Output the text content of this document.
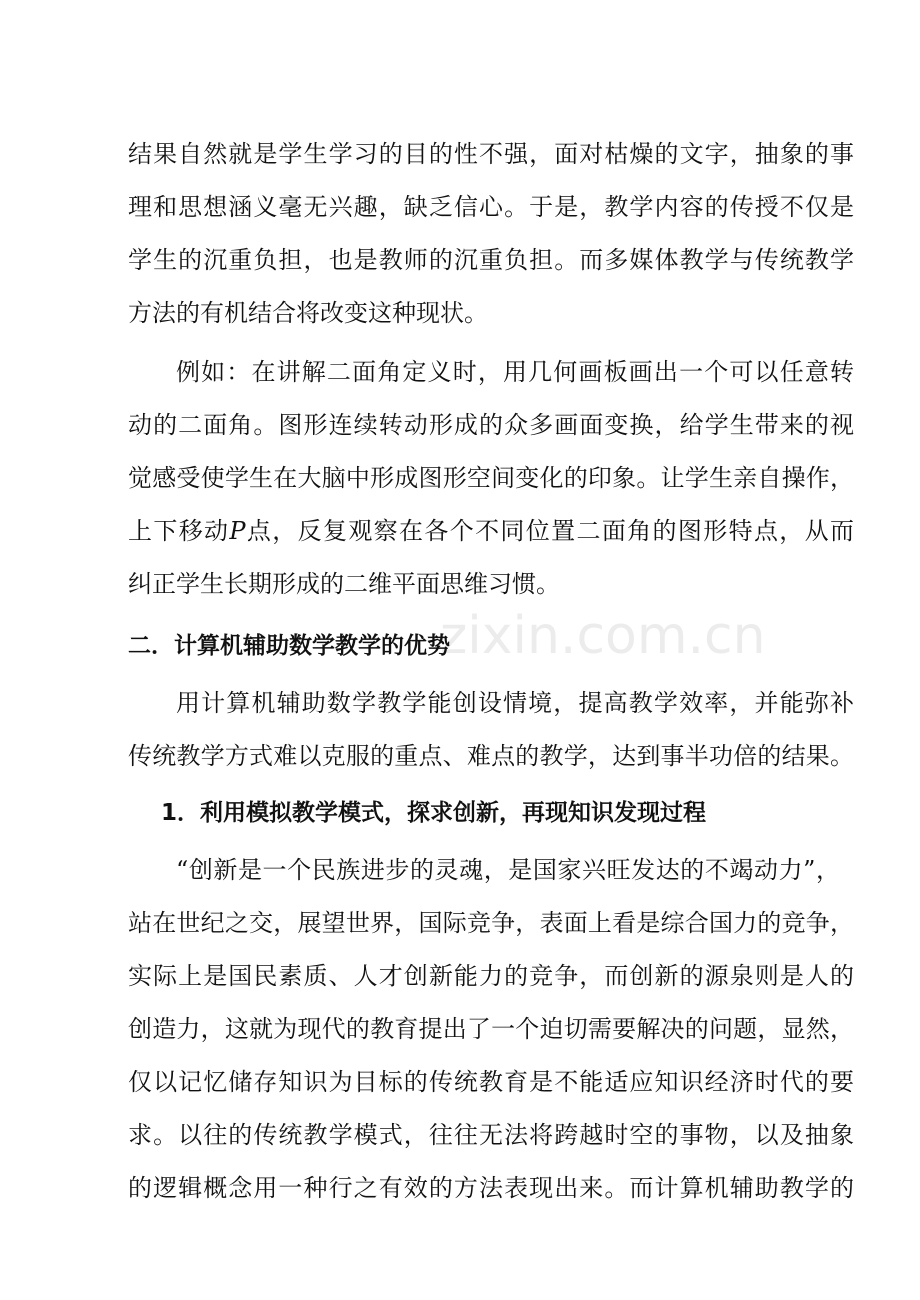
zixin.com.cn
结果自然就是学生学习的目的性不强，面对枯燥的文字，抽象的事
理和思想涵义毫无兴趣，缺乏信心。于是，教学内容的传授不仅是
学生的沉重负担，也是教师的沉重负担。而多媒体教学与传统教学
方法的有机结合将改变这种现状。
例如：在讲解二面角定义时，用几何画板画出一个可以任意转
动的二面角。图形连续转动形成的众多画面变换，给学生带来的视
觉感受使学生在大脑中形成图形空间变化的印象。让学生亲自操作，
上下移动P点，反复观察在各个不同位置二面角的图形特点，从而
纠正学生长期形成的二维平面思维习惯。
二．计算机辅助数学教学的优势
用计算机辅助数学教学能创设情境，提高教学效率，并能弥补
传统教学方式难以克服的重点、难点的教学，达到事半功倍的结果。
1．利用模拟教学模式，探求创新，再现知识发现过程
“创新是一个民族进步的灵魂，是国家兴旺发达的不竭动力”，
站在世纪之交，展望世界，国际竞争，表面上看是综合国力的竞争，
实际上是国民素质、人才创新能力的竞争，而创新的源泉则是人的
创造力，这就为现代的教育提出了一个迫切需要解决的问题，显然，
仅以记忆储存知识为目标的传统教育是不能适应知识经济时代的要
求。以往的传统教学模式，往往无法将跨越时空的事物，以及抽象
的逻辑概念用一种行之有效的方法表现出来。而计算机辅助教学的
